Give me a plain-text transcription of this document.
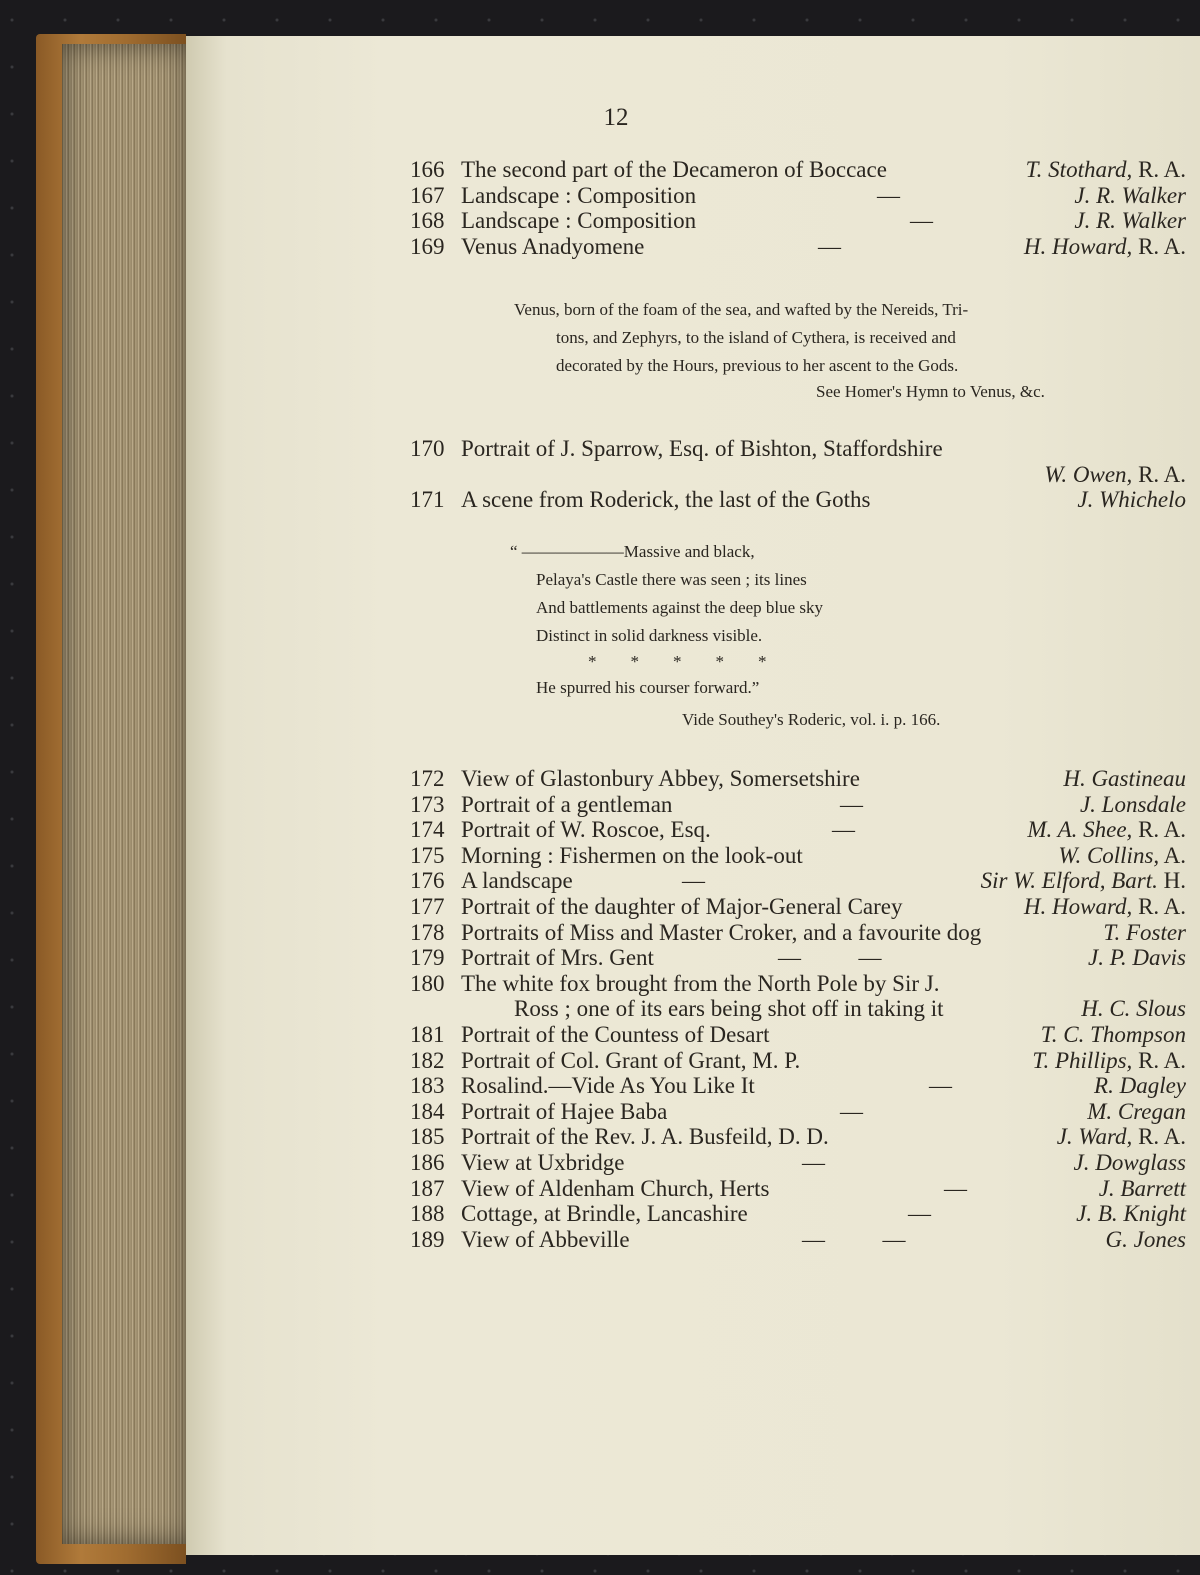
12
166 The second part of the Decameron of Boccace	T. Stothard, R. A.
167 Landscape : Composition	—	J. R. Walker
168 Landscape : Composition	—	J. R. Walker
169 Venus Anadyomene	—	H. Howard, R. A.
Venus, born of the foam of the sea, and wafted by the Nereids, Tri-
tons, and Zephyrs, to the island of Cythera, is received and
decorated by the Hours, previous to her ascent to the Gods.
See Homer's Hymn to Venus, &c.
170 Portrait of J. Sparrow, Esq. of Bishton, Staffordshire
W. Owen, R. A.
171 A scene from Roderick, the last of the Goths	J. Whichelo
“ ——————Massive and black,
Pelaya's Castle there was seen ; its lines
And battlements against the deep blue sky
Distinct in solid darkness visible.
*        *        *        *        *
He spurred his courser forward.”
Vide Southey's Roderic, vol. i. p. 166.
172 View of Glastonbury Abbey, Somersetshire	H. Gastineau
173 Portrait of a gentleman	—	J. Lonsdale
174 Portrait of W. Roscoe, Esq.	—	M. A. Shee, R. A.
175 Morning : Fishermen on the look-out	W. Collins, A.
176 A landscape	—	Sir W. Elford, Bart. H.
177 Portrait of the daughter of Major-General Carey	H. Howard, R. A.
178 Portraits of Miss and Master Croker, and a favourite dog	T. Foster
179 Portrait of Mrs. Gent	—          —	J. P. Davis
180 The white fox brought from the North Pole by Sir J.
Ross ; one of its ears being shot off in taking it	H. C. Slous
181 Portrait of the Countess of Desart	T. C. Thompson
182 Portrait of Col. Grant of Grant, M. P.	T. Phillips, R. A.
183 Rosalind.—Vide As You Like It	—	R. Dagley
184 Portrait of Hajee Baba	—	M. Cregan
185 Portrait of the Rev. J. A. Busfeild, D. D.	J. Ward, R. A.
186 View at Uxbridge	—	J. Dowglass
187 View of Aldenham Church, Herts	—	J. Barrett
188 Cottage, at Brindle, Lancashire	—	J. B. Knight
189 View of Abbeville	—          —	G. Jones
